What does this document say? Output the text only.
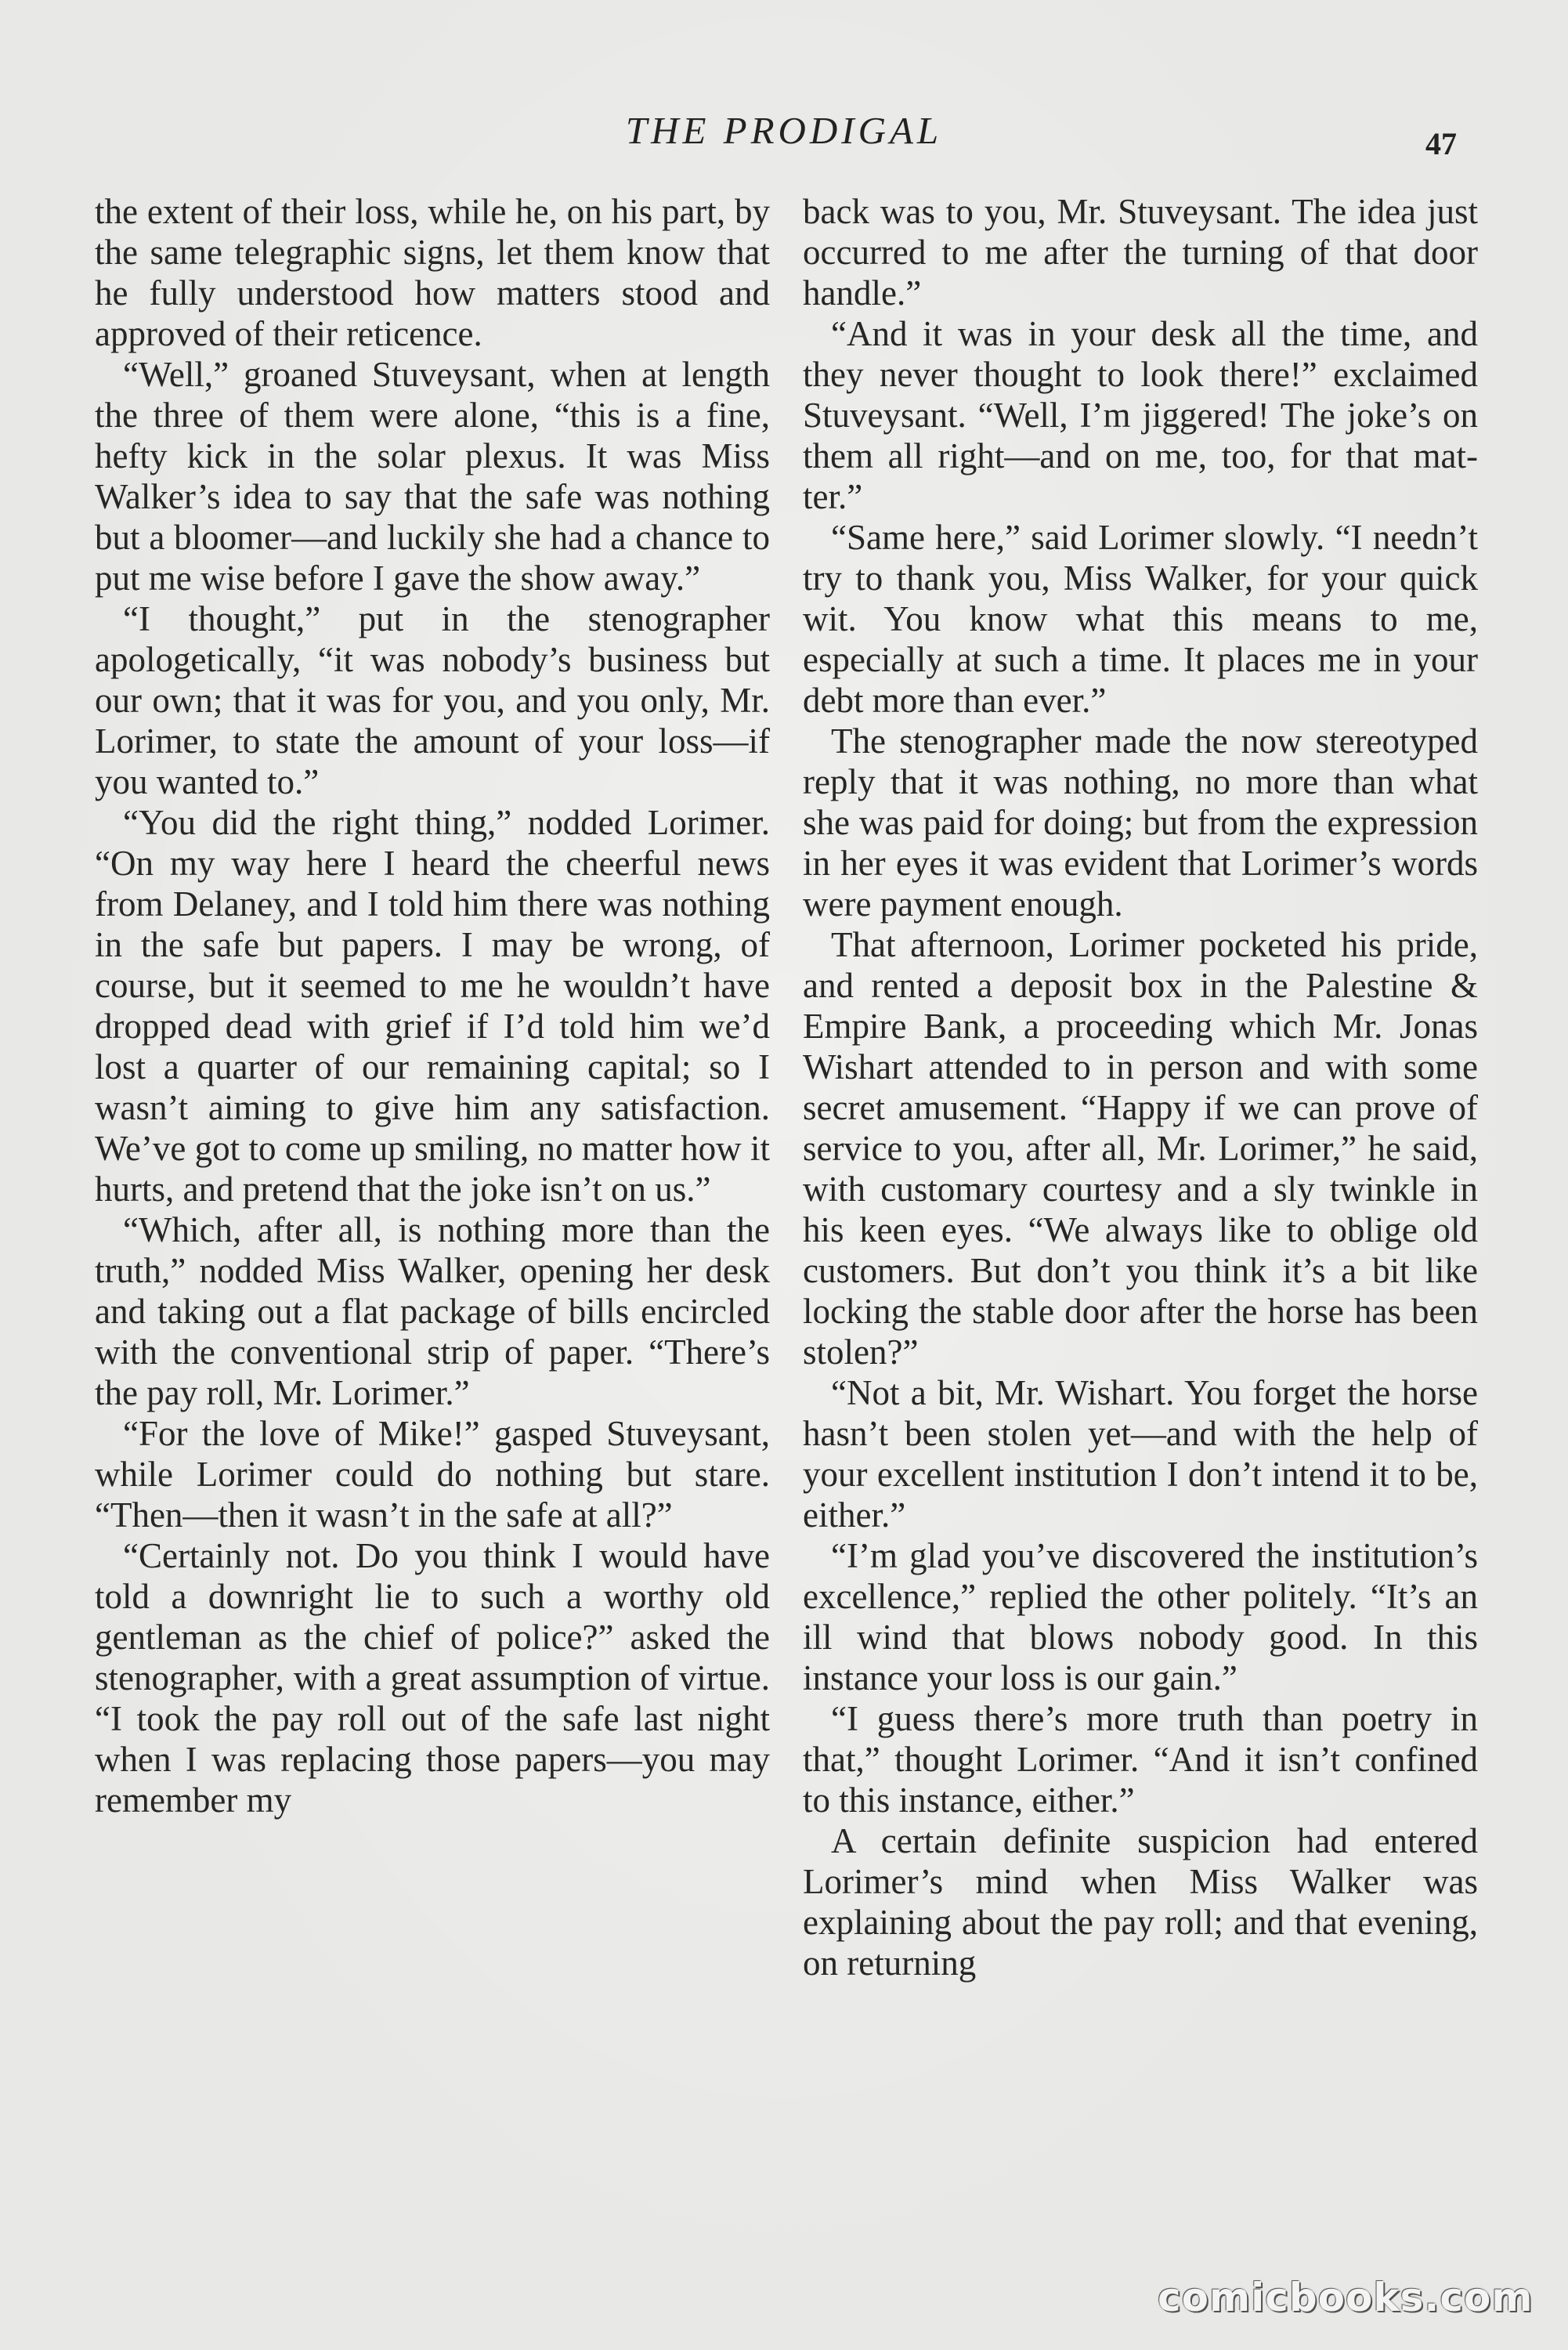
THE PRODIGAL	47

the extent of their loss, while he, on his part, by the same telegraphic signs, let them know that he fully understood how matters stood and approved of their reticence.

“Well,” groaned Stuveysant, when at length the three of them were alone, “this is a fine, hefty kick in the solar plexus. It was Miss Walker’s idea to say that the safe was nothing but a bloomer—and luckily she had a chance to put me wise before I gave the show away.”

“I thought,” put in the stenographer apologetically, “it was nobody’s business but our own; that it was for you, and you only, Mr. Lorimer, to state the amount of your loss—if you wanted to.”

“You did the right thing,” nodded Lorimer. “On my way here I heard the cheerful news from Delaney, and I told him there was nothing in the safe but papers. I may be wrong, of course, but it seemed to me he wouldn’t have dropped dead with grief if I’d told him we’d lost a quarter of our remaining capital; so I wasn’t aiming to give him any satisfaction. We’ve got to come up smiling, no matter how it hurts, and pretend that the joke isn’t on us.”

“Which, after all, is nothing more than the truth,” nodded Miss Walker, opening her desk and taking out a flat package of bills encircled with the conventional strip of paper. “There’s the pay roll, Mr. Lorimer.”

“For the love of Mike!” gasped Stuveysant, while Lorimer could do nothing but stare. “Then—then it wasn’t in the safe at all?”

“Certainly not. Do you think I would have told a downright lie to such a worthy old gentleman as the chief of police?” asked the stenographer, with a great assumption of virtue. “I took the pay roll out of the safe last night when I was replacing those papers—you may remember my

back was to you, Mr. Stuveysant. The idea just occurred to me after the turning of that door handle.”

“And it was in your desk all the time, and they never thought to look there!” exclaimed Stuveysant. “Well, I’m jiggered! The joke’s on them all right—and on me, too, for that matter.”

“Same here,” said Lorimer slowly. “I needn’t try to thank you, Miss Walker, for your quick wit. You know what this means to me, especially at such a time. It places me in your debt more than ever.”

The stenographer made the now stereotyped reply that it was nothing, no more than what she was paid for doing; but from the expression in her eyes it was evident that Lorimer’s words were payment enough.

That afternoon, Lorimer pocketed his pride, and rented a deposit box in the Palestine & Empire Bank, a proceeding which Mr. Jonas Wishart attended to in person and with some secret amusement. “Happy if we can prove of service to you, after all, Mr. Lorimer,” he said, with customary courtesy and a sly twinkle in his keen eyes. “We always like to oblige old customers. But don’t you think it’s a bit like locking the stable door after the horse has been stolen?”

“Not a bit, Mr. Wishart. You forget the horse hasn’t been stolen yet—and with the help of your excellent institution I don’t intend it to be, either.”

“I’m glad you’ve discovered the institution’s excellence,” replied the other politely. “It’s an ill wind that blows nobody good. In this instance your loss is our gain.”

“I guess there’s more truth than poetry in that,” thought Lorimer. “And it isn’t confined to this instance, either.”

A certain definite suspicion had entered Lorimer’s mind when Miss Walker was explaining about the pay roll; and that evening, on returning

comicbooks.com
